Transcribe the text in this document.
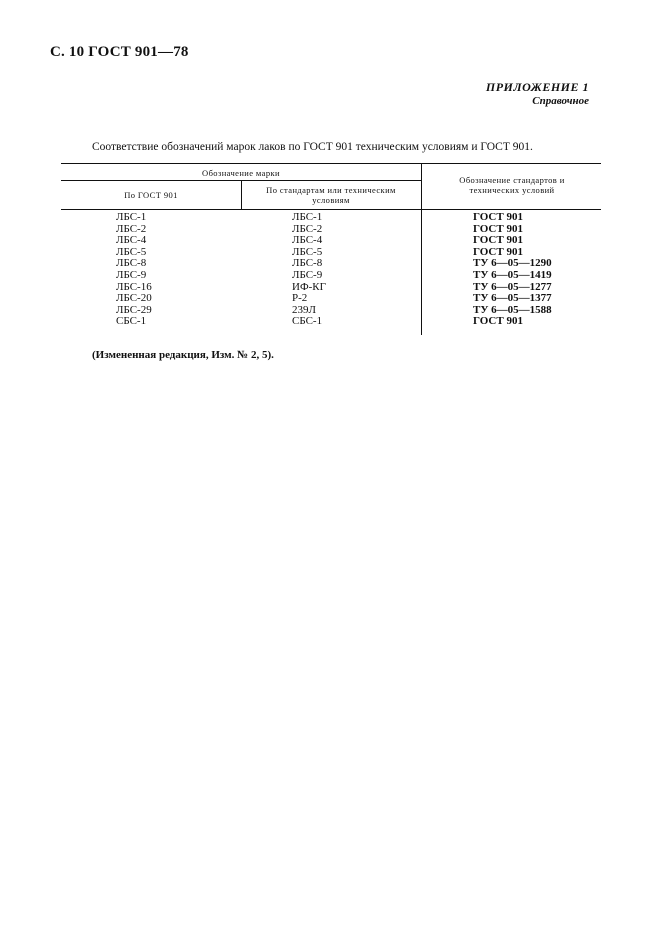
С. 10 ГОСТ 901—78
ПРИЛОЖЕНИЕ 1
Справочное
Соответствие обозначений марок лаков по ГОСТ 901 техническим условиям и ГОСТ 901.
Обозначение марки
По ГОСТ 901	По стандартам или техническим условиям
Обозначение стандартов и технических условий
ЛБС-1	ЛБС-1	ГОСТ 901
ЛБС-2	ЛБС-2	ГОСТ 901
ЛБС-4	ЛБС-4	ГОСТ 901
ЛБС-5	ЛБС-5	ГОСТ 901
ЛБС-8	ЛБС-8	ТУ 6—05—1290
ЛБС-9	ЛБС-9	ТУ 6—05—1419
ЛБС-16	ИФ-КГ	ТУ 6—05—1277
ЛБС-20	Р-2	ТУ 6—05—1377
ЛБС-29	239Л	ТУ 6—05—1588
СБС-1	СБС-1	ГОСТ 901
(Измененная редакция, Изм. № 2, 5).
